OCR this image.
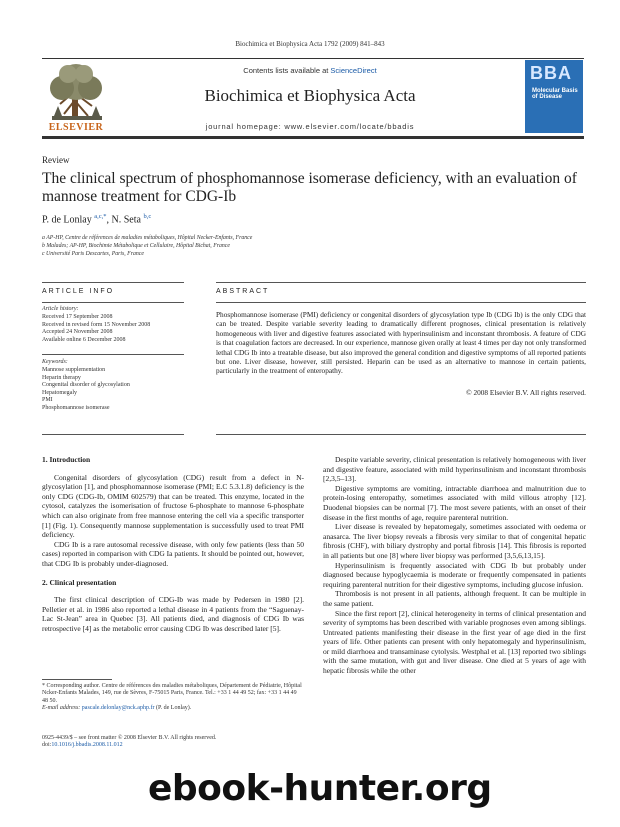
Biochimica et Biophysica Acta 1792 (2009) 841–843
Contents lists available at ScienceDirect
Biochimica et Biophysica Acta
journal homepage: www.elsevier.com/locate/bbadis
ELSEVIER
BBA
Molecular Basis of Disease
Review
The clinical spectrum of phosphomannose isomerase deficiency, with an evaluation of mannose treatment for CDG-Ib
P. de Lonlay $^{a,c,*}$, N. Seta $^{b,c}$
a AP-HP, Centre de références de maladies métaboliques, Hôpital Necker-Enfants, France
b Malades; AP-HP, Biochimie Métabolique et Cellulaire, Hôpital Bichat, France
c Université Paris Descartes, Paris, France
ARTICLE INFO
Article history:
Received 17 September 2008
Received in revised form 15 November 2008
Accepted 24 November 2008
Available online 6 December 2008
Keywords:
Mannose supplementation
Heparin therapy
Congenital disorder of glycosylation
Hepatomegaly
PMI
Phosphomannose isomerase
ABSTRACT
Phosphomannose isomerase (PMI) deficiency or congenital disorders of glycosylation type Ib (CDG Ib) is the only CDG that can be treated. Despite variable severity leading to dramatically different prognoses, clinical presentation is relatively homogeneous with liver and digestive features associated with hyperinsulinism and inconstant thrombosis. A feature of CDG is that coagulation factors are decreased. In our experience, mannose given orally at least 4 times per day not only transformed lethal CDG Ib into a treatable disease, but also improved the general condition and digestive symptoms of all reported patients but one. Liver disease, however, still persisted. Heparin can be used as an alternative to mannose in certain patients, particularly in the treatment of enteropathy.
© 2008 Elsevier B.V. All rights reserved.
1. Introduction

Congenital disorders of glycosylation (CDG) result from a defect in N-glycosylation [1], and phosphomannose isomerase (PMI; E.C 5.3.1.8) deficiency is the only CDG (CDG-Ib, OMIM 602579) that can be treated. This enzyme, located in the cytosol, catalyzes the isomerisation of fructose 6-phosphate to mannose 6-phosphate which can also originate from free mannose entering the cell via a specific transporter [1] (Fig. 1). Consequently mannose supplementation is successfully used to treat PMI deficiency.

CDG Ib is a rare autosomal recessive disease, with only few patients (less than 50 cases) reported in comparison with CDG Ia patients. It should be pointed out, however, that CDG Ib is probably under-diagnosed.

2. Clinical presentation

The first clinical description of CDG-Ib was made by Pedersen in 1980 [2]. Pelletier et al. in 1986 also reported a lethal disease in 4 patients from the “Saguenay-Lac St-Jean” area in Quebec [3]. All patients died, and diagnosis of CDG Ib was retrospective [4] as the metabolic error causing CDG Ib was described later [5].

* Corresponding author. Centre de références des maladies métaboliques, Département de Pédiatrie, Hôpital Ncker-Enfants Malades, 149, rue de Sèvres, F-75015 Paris, France. Tel.: +33 1 44 49 52; fax: +33 1 44 49 48 50.
E-mail address: pascale.delonlay@nck.aphp.fr (P. de Lonlay).
0925-4439/$ – see front matter © 2008 Elsevier B.V. All rights reserved.
doi:10.1016/j.bbadis.2008.11.012

Despite variable severity, clinical presentation is relatively homogeneous with liver and digestive feature, associated with mild hyperinsulinism and inconstant thrombosis [2,3,5–13].

Digestive symptoms are vomiting, intractable diarrhoea and malnutrition due to protein-losing enteropathy, sometimes associated with mild villous atrophy [12]. Duodenal biopsies can be normal [7]. The most severe patients, with an onset of their disease in the first months of age, require parenteral nutrition.

Liver disease is revealed by hepatomegaly, sometimes associated with oedema or anasarca. The liver biopsy reveals a fibrosis very similar to that of congenital hepatic fibrosis (CHF), with biliary dystrophy and portal fibrosis [14]. This fibrosis is reported in all patients but one [8] where liver biopsy was performed [3,5,6,13,15].

Hyperinsulinism is frequently associated with CDG Ib but probably under diagnosed because hypoglycaemia is moderate or frequently compensated in patients requiring parenteral nutrition for their digestive symptoms, including glucose infusion.

Thrombosis is not present in all patients, although frequent. It can be multiple in the same patient.

Since the first report [2], clinical heterogeneity in terms of clinical presentation and severity of symptoms has been described with variable prognoses even among siblings. Untreated patients manifesting their disease in the first year of age died in the first years of life. Other patients can present with only hepatomegaly and hyperinsulinism, or mild diarrhoea and transaminase cytolysis. Westphal et al. [13] reported two siblings with the same mutation, with gut and liver disease. One died at 5 years of age with hepatic fibrosis while the other

ebook-hunter.org
